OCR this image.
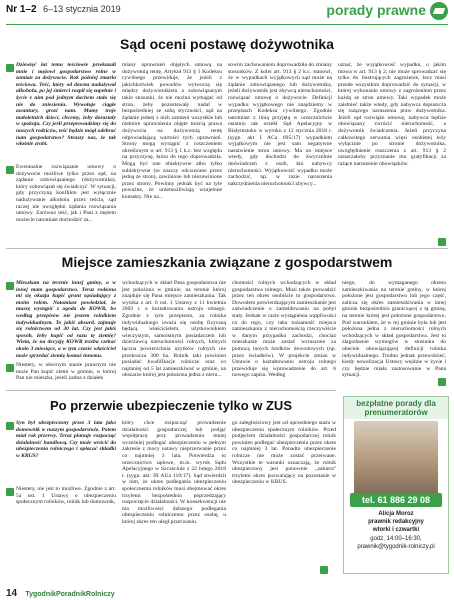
Nr 1–2 6–13 stycznia 2019	porady prawne
Sąd oceni postawę dożywotnika
Dziewięć lat temu teściowie przekazali mnie i mężowi gospodarstwo rolne w zamian za dożywocie. Rok później zmarła teściowa. Teść, który od dawna nadużywał alkoholu, po jej śmierci rozpił się zupełnie i życie z nim pod jednym dachem stało się nie do zniesienia. Wywołuje ciągłe awantury, grozi nam. Mamy troje małoletnich dzieci, chcemy, żeby dorastały w spokoju. Czy jeśli przeprowadzimy się do naszych rodziców, teść będzie mógł odebrać nam gospodarstwo? Straszy nas, że tak właśnie zrobi.
Ewentualne rozwiązanie umowy o dożywocie możliwe tylko przez sąd, na żądanie zobowiązanego (dożywotnika), który zobowiązał się świadczyć. W sytuacji, gdy przyczyną konfliktu jest wyłącznie nadużywanie alkoholu przez teścia, sąd raczej nie uwzględni żądania rozwiązania umowy. Zarówno teść, jak i Pani z mężem możecie natomiast dochodzić za...
miany uprawnień objętych umową na dożywotnią rentę. Artykuł 913 § 1 Kodeksu cywilnego przewiduje, że jeżeli z jakichkolwiek powodów wytworzą się między dożywotnikiem a zobowiązanym takie stosunki, że nie można wymagać od stron, żeby pozostawały nadal w bezpośredniej ze sobą styczności, sąd na żądanie jednej z nich zamieni wszystkie lub niektóre uprawnienia objęte treścią prawa dożywocia na dożywotnią rentę odpowiadającą wartości tych uprawnień. Strony mogą wystąpić z roszczeniem określonym w art. 913 § 1 k.c. bez względu na przyczynę, która do tego doprowadziła. Mogą być one obiektywne albo tylko subiektywne (to znaczy odczuwane przez jedną ze stron), zawinione lub niezawinione przez strony. Powinny jednak być na tyle poważne, że uniemożliwiają wzajemne kontakty. Nie na...
sowim zachowaniem doprowadziła do zmiany stosunków. Z kolei art. 913 § 2 k.c. stanowi, że w wypadkach wyjątkowych sąd może na żądanie zobowiązanego lub dożywotnika, jeżeli dożywotnik jest zbywcą nieruchomości, rozwiązać umowę o dożywocie. Definicji wypadku wyjątkowego nie znajdziemy w przepisach Kodeksu cywilnego. Zgodnie natomiast z linią przyjętą w orzecznictwie ostatnio tak orzekł Sąd Apelacyjny w Białymstoku w wyroku z 12 stycznia 2018 r. (sygn. akt I ACa 695/17) wypadkiem wyjątkowym nie jest sam negatywne nastawienie stron umowy. Ma on miejsce wtedy, gdy dochodzi do kwyczólnie doświadczeń z osób, któ nabywcy nieruchomości. Wyjątkowość wypadku może zachodzić, np. w razie naruszenia nakrzydnienia nieruchomości zbywcy...
uznać, że wyjątkowość wypadku, o jakim mowa w art. 913 § 2, nie może sprowadzać się tylko do ilustrujących zagrożenie, lecz musi przede wszystkim doprowadzić do sytuacji, w której wykonanie umowy z zagrożeniem przez każdą ze stron umowy. Taki wypadek może zaistnieć także wtedy, gdy nabywca dopuszcza się rażącego naruszenia praw dożywotnika. Jeżeli sąd rozwiąże umowę, nabywca będzie obowiązany zwrócić nieruchomość, a dożywotnik świadczenia. Jeżeli przyczyna całkowitego zerwania więzi osobistej leży wyłącznie po stronie dożywotnika, uwzględnienie roszczenia z art. 913 § 2 oznaczałoby przyznanie mu gratyfikacji za rażące naruszenie obowiązków.
Miejsce zamieszkania związane z gospodarstwem
Mieszkam na terenie innej gminy, a w innej mam gospodarstwo. Teraz rodzona mi się okazja kupić grunt sąsiadujący z moim rolem. Natomiast powiedział, że muszę wystąpić z ogoda do KOWR, bo według przepisów nie jestem rolnikiem indywidualnym. To jakiś absurd, zajmuje się rolnictwem od 30 lat. Czy jest jakiś sposób, żeby kupić od razu tę ziemię? Wiem, że na decyzję KOWR trzeba czekać około 3 miesiące, a w tym czasie właściciel może sprzedać ziemię komuś innemu.
Niestety, w obecnym stanie prawnym nie może Pan kupić ziemi w gminie, w której Pan nie mieszka, jeżeli żadna z działek
wchodzących w skład Pana gospodarstwa nie jest położona w gminie, na terenie której znajduje się Pana miejsce zamieszkania. Tak wynika z art. 6 ust. 1 Ustawy z 11 kwietnia 2003 r. o kształtowaniu ustroju rolnego. Zgodnie z tym przepisem, za rolnika indywidualnego uważa się osobę fizyczną będącą właścicielem, użytkownikiem wieczystym, samoistnym posiadaczem lub dzierżawcą nieruchomości rolnych, których łączna powierzchnia użytków rolnych nie przekracza 300 ha. Rolnik taki powinien posiadać kwalifikacje rolnicze oraz co najmniej od 5 lat zamieszkiwać w gminie, na obszarze której jest położona jedna z nieru...
chomości rolnych wchodzących w skład gospodarstwa rolnego. Musi także prowadzić przez ten okres osobiście to gospodarstwo. Dowodem potwierdzającym zamieszkanie jest zaświadczenie o zameldowaniu na pobyt stały. Jednak w razie wystąpienia wątpliwości co do tego, czy taka tożsamość miejsca zamieszkania z nieruchomością rzeczywiście w danym przypadku zachodzi, chociaż mieszkanie może zostać wzruszone za pomocą innych środków dowodowych (np. przez świadków). W projekcie zmian w Ustawie o kształtowaniu ustroju rolnego przewiduje się wprowadzenie do art. 6 nowego zapisu. Według
niego, do wymaganego okresu zamieszkiwania na terenie gminy, w której położone jest gospodarstwo lub jego część, zalicza się okres zamieszkiwania w innej gminie bezpośrednio graniczącej z tą gminą, na terenie której jest położone gospodarstwo. Pod warunkiem, że w tej gminie była lub jest położona jedna z nieruchomości rolnych wchodzących w skład gospodarstwa. Jest to złagodzenie wymogów w stosunku do obecnie obowiązującej definicji rolnika indywidualnego. Trudno jednak przewidzieć, kiedy nowelizacja Ustawy wejdzie w życie i czy będzie miała zastosowanie w Pana sytuacji.
Po przerwie ubezpieczenie tylko w ZUS
Syn był ubezpieczony przez 3 lata jako domownik w naszym gospodarstwie. Potem miał rok przerwy. Teraz planuje rozpocząć działalność handlową. Czy może wrócić do ubezpieczenia rolniczego i opłacać składki w KRUS?
Niestety, nie jest to możliwe. Zgodnie z art. 5a ust. 1 Ustawy o ubezpieczeniu społecznym rolników, rolnik lub domownik,
który chce rozpocząć prowadzenie działalności gospodarczej lub podjąć współpracę przy prowadzeniu mniej wcześniej podlegać ubezpieczeniu w pełnym zakresie z mocy ustawy nieprzerwanie przez co najmniej 3 lata. Potwierdza to orzecznictwo sądowe, m.in. wyrok Sądu Apelacyjnego w Szczecinie z 22 lutego 2018 r. (sygn. akt: III AUa 110/17). Sąd stwierdził w nim, że okres podlegania ubezpieczeniu społecznemu rolników musi obejmować okres trzyletni bezpośrednio poprzedzający rozpoczęcie działalności. W konsekwencji nie ma możliwości dalszego podlegania ubezpieczeniu rolniczemu przez osobę, u której okres ten uległ przerwaniu.
go zaległościowy jest od uprzedniego stażu w ubezpieczeniu społecznym rolników. Przed podjęciem działalności gospodarczej rolnik powinien podlegać ubezpieczeniu przez okres co najmniej 3 lat. Ponadto ubezpieczenie rolnicze nie może zostać przerwane. Wszystkie te warunki oznaczają, że rolnik ubezpieczony jest ponownie „zabiera" trzyletni okres pozwalający na pozostanie w ubezpieczeniu w KRUS.
bezpłatne porady dla prenumeratorów
tel. 61 886 29 08
Alicja Moroz
prawnik redakcyjny
wtorki i czwartki
godz. 14:00–16:30,
prawnik@tygodnik-rolniczy.pl
14 TygodnikPoradnikRolniczy
